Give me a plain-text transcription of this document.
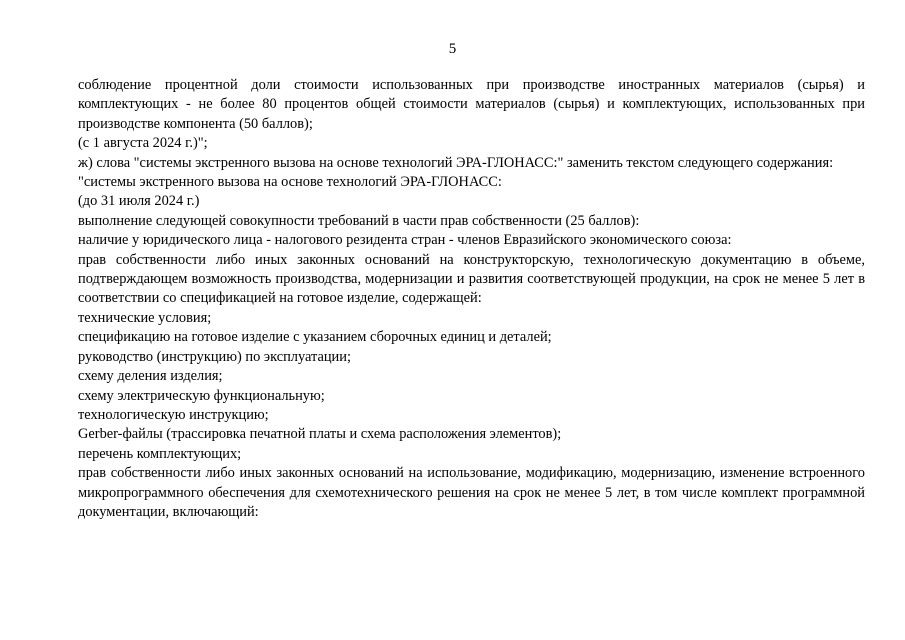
5

соблюдение процентной доли стоимости использованных при производстве иностранных материалов (сырья) и комплектующих - не более 80 процентов общей стоимости материалов (сырья) и комплектующих, использованных при производстве компонента (50 баллов);

(с 1 августа 2024 г.)";

ж) слова "системы экстренного вызова на основе технологий ЭРА-ГЛОНАСС:" заменить текстом следующего содержания:

"системы экстренного вызова на основе технологий ЭРА-ГЛОНАСС:

(до 31 июля 2024 г.)

выполнение следующей совокупности требований в части прав собственности (25 баллов):

наличие у юридического лица - налогового резидента стран - членов Евразийского экономического союза:

прав собственности либо иных законных оснований на конструкторскую, технологическую документацию в объеме, подтверждающем возможность производства, модернизации и развития соответствующей продукции, на срок не менее 5 лет в соответствии со спецификацией на готовое изделие, содержащей:

технические условия;

спецификацию на готовое изделие с указанием сборочных единиц и деталей;

руководство (инструкцию) по эксплуатации;

схему деления изделия;

схему электрическую функциональную;

технологическую инструкцию;

Gerber-файлы (трассировка печатной платы и схема расположения элементов);

перечень комплектующих;

прав собственности либо иных законных оснований на использование, модификацию, модернизацию, изменение встроенного микропрограммного обеспечения для схемотехнического решения на срок не менее 5 лет, в том числе комплект программной документации, включающий:
